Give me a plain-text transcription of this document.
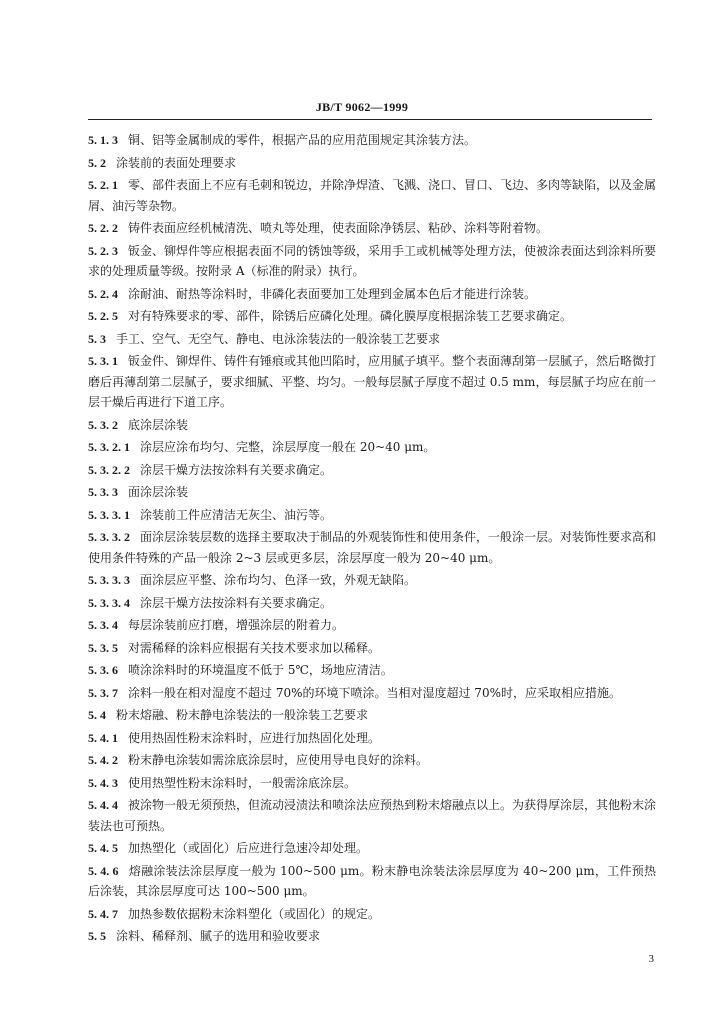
JB/T 9062—1999

5. 1. 3 铜、铝等金属制成的零件，根据产品的应用范围规定其涂装方法。

5. 2 涂装前的表面处理要求

5. 2. 1 零、部件表面上不应有毛刺和锐边，并除净焊渣、飞溅、浇口、冒口、飞边、多肉等缺陷，以及金属屑、油污等杂物。

5. 2. 2 铸件表面应经机械清洗、喷丸等处理，使表面除净锈层、粘砂、涂料等附着物。

5. 2. 3 钣金、铆焊件等应根据表面不同的锈蚀等级，采用手工或机械等处理方法，使被涂表面达到涂料所要求的处理质量等级。按附录 A（标准的附录）执行。

5. 2. 4 涂耐油、耐热等涂料时，非磷化表面要加工处理到金属本色后才能进行涂装。

5. 2. 5 对有特殊要求的零、部件，除锈后应磷化处理。磷化膜厚度根据涂装工艺要求确定。

5. 3 手工、空气、无空气、静电、电泳涂装法的一般涂装工艺要求

5. 3. 1 钣金件、铆焊件、铸件有锤痕或其他凹陷时，应用腻子填平。整个表面薄刮第一层腻子，然后略微打磨后再薄刮第二层腻子，要求细腻、平整、均匀。一般每层腻子厚度不超过 0.5 mm，每层腻子均应在前一层干燥后再进行下道工序。

5. 3. 2 底涂层涂装

5. 3. 2. 1 涂层应涂布均匀、完整，涂层厚度一般在 20~40 μm。

5. 3. 2. 2 涂层干燥方法按涂料有关要求确定。

5. 3. 3 面涂层涂装

5. 3. 3. 1 涂装前工件应清洁无灰尘、油污等。

5. 3. 3. 2 面涂层涂装层数的选择主要取决于制品的外观装饰性和使用条件，一般涂一层。对装饰性要求高和使用条件特殊的产品一般涂 2~3 层或更多层，涂层厚度一般为 20~40 μm。

5. 3. 3. 3 面涂层应平整、涂布均匀、色泽一致，外观无缺陷。

5. 3. 3. 4 涂层干燥方法按涂料有关要求确定。

5. 3. 4 每层涂装前应打磨，增强涂层的附着力。

5. 3. 5 对需稀释的涂料应根据有关技术要求加以稀释。

5. 3. 6 喷涂涂料时的环境温度不低于 5℃，场地应清洁。

5. 3. 7 涂料一般在相对湿度不超过 70%的环境下喷涂。当相对湿度超过 70%时，应采取相应措施。

5. 4 粉末熔融、粉末静电涂装法的一般涂装工艺要求

5. 4. 1 使用热固性粉末涂料时，应进行加热固化处理。

5. 4. 2 粉末静电涂装如需涂底涂层时，应使用导电良好的涂料。

5. 4. 3 使用热塑性粉末涂料时，一般需涂底涂层。

5. 4. 4 被涂物一般无须预热，但流动浸渍法和喷涂法应预热到粉末熔融点以上。为获得厚涂层，其他粉末涂装法也可预热。

5. 4. 5 加热塑化（或固化）后应进行急速冷却处理。

5. 4. 6 熔融涂装法涂层厚度一般为 100~500 μm。粉末静电涂装法涂层厚度为 40~200 μm，工件预热后涂装，其涂层厚度可达 100~500 μm。

5. 4. 7 加热参数依据粉末涂料塑化（或固化）的规定。

5. 5 涂料、稀释剂、腻子的选用和验收要求

3
